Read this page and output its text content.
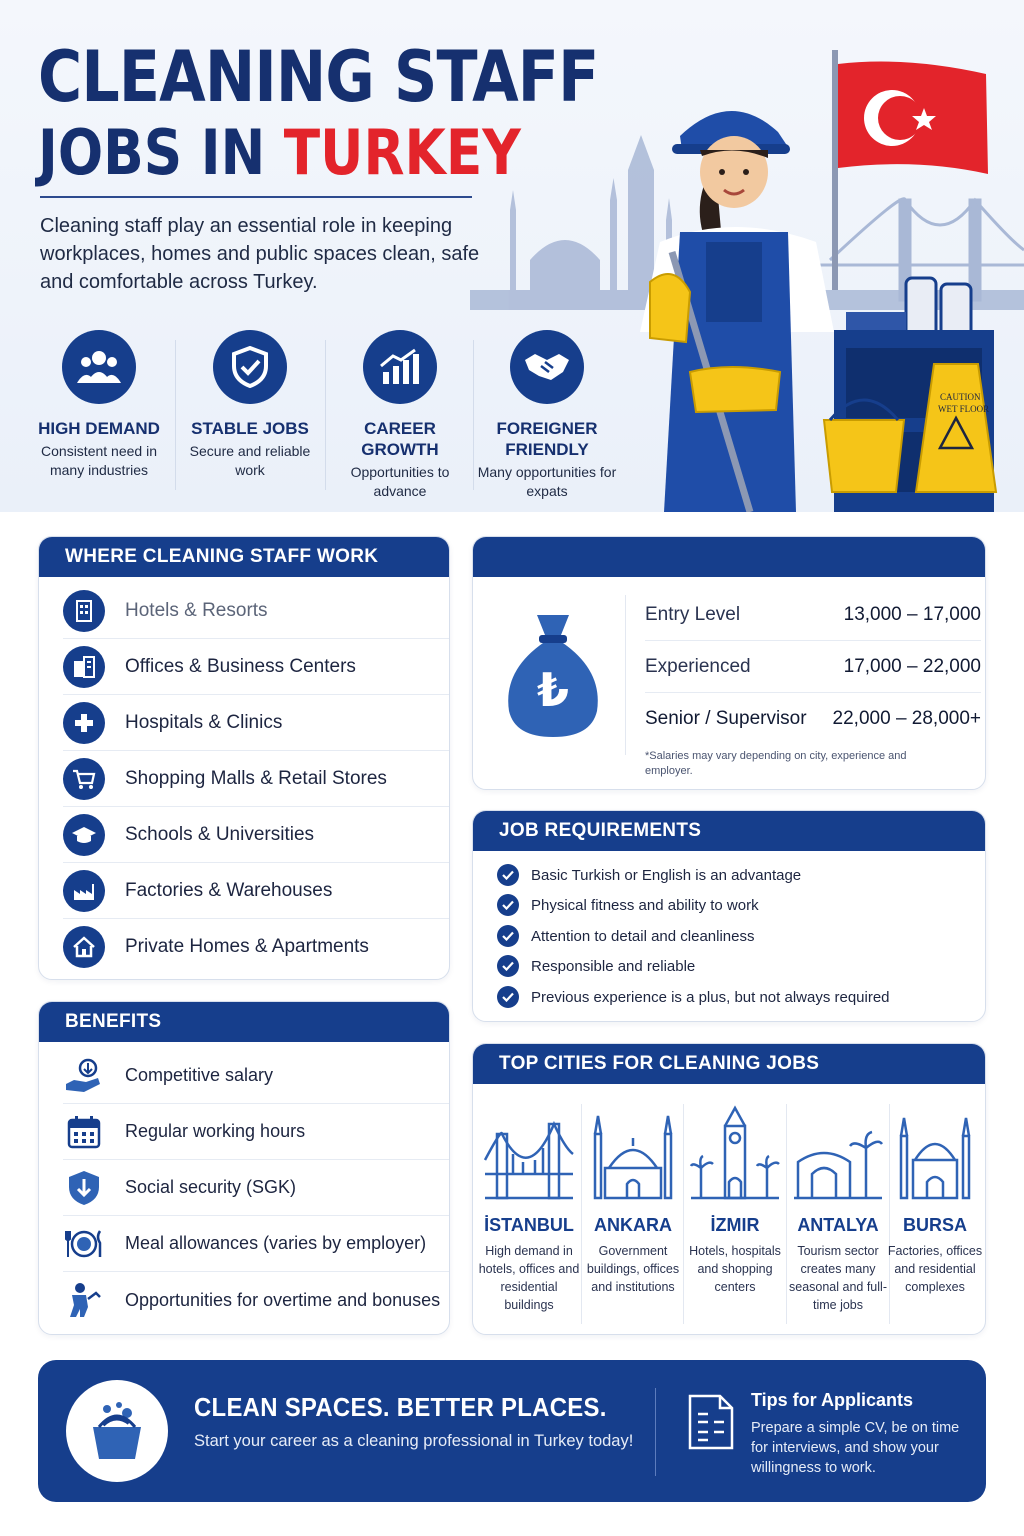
CAUTION
WET FLOOR
CLEANING STAFF
JOBS IN TURKEY
Cleaning staff play an essential role in keeping workplaces, homes and public spaces clean, safe and comfortable across Turkey.
HIGH DEMAND
Consistent need in many industries
STABLE JOBS
Secure and reliable work
CAREER GROWTH
Opportunities to advance
FOREIGNER FRIENDLY
Many opportunities for expats
WHERE CLEANING STAFF WORK
Hotels & Resorts
Offices & Business Centers
Hospitals & Clinics
Shopping Malls & Retail Stores
Schools & Universities
Factories & Warehouses
Private Homes & Apartments
₺
Entry Level	13,000 – 17,000
Experienced	17,000 – 22,000
Senior / Supervisor 22,000 – 28,000+
*Salaries may vary depending on city, experience and employer.
JOB REQUIREMENTS
Basic Turkish or English is an advantage
Physical fitness and ability to work
Attention to detail and cleanliness
Responsible and reliable
Previous experience is a plus, but not always required
BENEFITS
Competitive salary
Regular working hours
Social security (SGK)
Meal allowances (varies by employer)
Opportunities for overtime and bonuses
TOP CITIES FOR CLEANING JOBS
İSTANBUL
High demand in hotels, offices and residential buildings
ANKARA
Government buildings, offices and institutions
İZMIR
Hotels, hospitals and shopping centers
ANTALYA
Tourism sector creates many seasonal and full-time jobs
BURSA
Factories, offices and residential complexes
CLEAN SPACES. BETTER PLACES.
Start your career as a cleaning professional in Turkey today!
Tips for Applicants
Prepare a simple CV, be on time for interviews, and show your willingness to work.
